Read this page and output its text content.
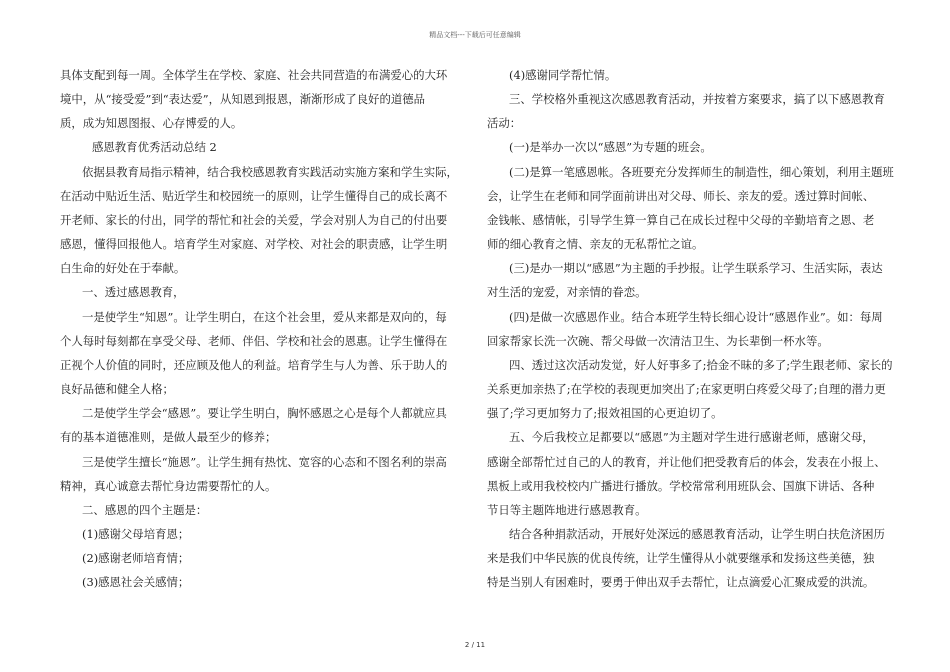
精品文档---下载后可任意编辑
具体支配到每一周。全体学生在学校、家庭、社会共同营造的布满爱心的大环
境中，从“接受爱”到“表达爱”，从知恩到报恩，渐渐形成了良好的道德品
质，成为知恩图报、心存博爱的人。
感恩教育优秀活动总结 2
依据县教育局指示精神，结合我校感恩教育实践活动实施方案和学生实际，
在活动中贴近生活、贴近学生和校园统一的原则，让学生懂得自己的成长离不
开老师、家长的付出，同学的帮忙和社会的关爱，学会对别人为自己的付出要
感恩，懂得回报他人。培育学生对家庭、对学校、对社会的职责感，让学生明
白生命的好处在于奉献。
一、透过感恩教育，
一是使学生“知恩”。让学生明白，在这个社会里，爱从来都是双向的，每
个人每时每刻都在享受父母、老师、伴侣、学校和社会的恩惠。让学生懂得在
正视个人价值的同时，还应顾及他人的利益。培育学生与人为善、乐于助人的
良好品德和健全人格；
二是使学生学会“感恩”。要让学生明白，胸怀感恩之心是每个人都就应具
有的基本道德准则，是做人最至少的修养；
三是使学生擅长“施恩”。让学生拥有热忱、宽容的心态和不图名利的崇高
精神，真心诚意去帮忙身边需要帮忙的人。
二、感恩的四个主题是：
(1)感谢父母培育恩；
(2)感谢老师培育情；
(3)感恩社会关感情；
(4)感谢同学帮忙情。
三、学校格外重视这次感恩教育活动，并按着方案要求，搞了以下感恩教育
活动：
(一)是举办一次以“感恩”为专题的班会。
(二)是算一笔感恩帐。各班要充分发挥师生的制造性，细心策划，利用主题班
会，让学生在老师和同学面前讲出对父母、师长、亲友的爱。透过算时间帐、
金钱帐、感情帐，引导学生算一算自己在成长过程中父母的辛勤培育之恩、老
师的细心教育之情、亲友的无私帮忙之谊。
(三)是办一期以“感恩”为主题的手抄报。让学生联系学习、生活实际，表达
对生活的宠爱，对亲情的眷恋。
(四)是做一次感恩作业。结合本班学生特长细心设计“感恩作业”。如：每周
回家帮家长洗一次碗、帮父母做一次清洁卫生、为长辈倒一杯水等。
四、透过这次活动发觉，好人好事多了;拾金不昧的多了;学生跟老师、家长的
关系更加亲热了;在学校的表现更加突出了;在家更明白疼爱父母了;自理的潜力更
强了;学习更加努力了;报效祖国的心更迫切了。
五、今后我校立足都要以“感恩”为主题对学生进行感谢老师，感谢父母，
感谢全部帮忙过自己的人的教育，并让他们把受教育后的体会，发表在小报上、
黑板上或用我校校内广播进行播放。学校常常利用班队会、国旗下讲话、各种
节日等主题阵地进行感恩教育。
结合各种捐款活动，开展好处深远的感恩教育活动，让学生明白扶危济困历
来是我们中华民族的优良传统，让学生懂得从小就要继承和发扬这些美德，独
特是当别人有困难时，要勇于伸出双手去帮忙，让点滴爱心汇聚成爱的洪流。
2 / 11
